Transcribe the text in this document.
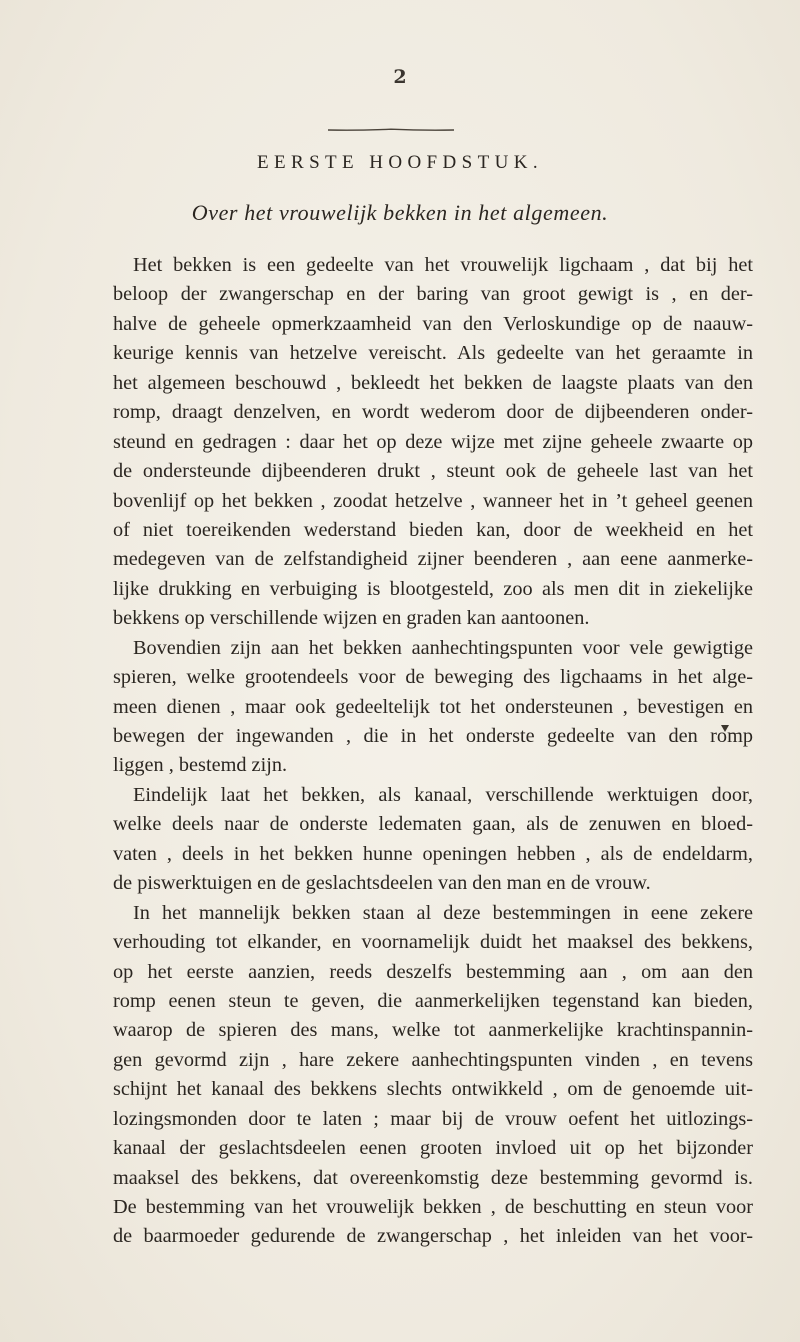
2
EERSTE HOOFDSTUK.
Over het vrouwelijk bekken in het algemeen.
Het bekken is een gedeelte van het vrouwelijk ligchaam , dat bij het
beloop der zwangerschap en der baring van groot gewigt is , en der-
halve de geheele opmerkzaamheid van den Verloskundige op de naauw-
keurige kennis van hetzelve vereischt. Als gedeelte van het geraamte in
het algemeen beschouwd , bekleedt het bekken de laagste plaats van den
romp, draagt denzelven, en wordt wederom door de dijbeenderen onder-
steund en gedragen : daar het op deze wijze met zijne geheele zwaarte op
de ondersteunde dijbeenderen drukt , steunt ook de geheele last van het
bovenlijf op het bekken , zoodat hetzelve , wanneer het in ’t geheel geenen
of niet toereikenden wederstand bieden kan, door de weekheid en het
medegeven van de zelfstandigheid zijner beenderen , aan eene aanmerke-
lijke drukking en verbuiging is blootgesteld, zoo als men dit in ziekelijke
bekkens op verschillende wijzen en graden kan aantoonen.
Bovendien zijn aan het bekken aanhechtingspunten voor vele gewigtige
spieren, welke grootendeels voor de beweging des ligchaams in het alge-
meen dienen , maar ook gedeeltelijk tot het ondersteunen , bevestigen en
bewegen der ingewanden , die in het onderste gedeelte van den romp
liggen , bestemd zijn.
Eindelijk laat het bekken, als kanaal, verschillende werktuigen door,
welke deels naar de onderste ledematen gaan, als de zenuwen en bloed-
vaten , deels in het bekken hunne openingen hebben , als de endeldarm,
de piswerktuigen en de geslachtsdeelen van den man en de vrouw.
In het mannelijk bekken staan al deze bestemmingen in eene zekere
verhouding tot elkander, en voornamelijk duidt het maaksel des bekkens,
op het eerste aanzien, reeds deszelfs bestemming aan , om aan den
romp eenen steun te geven, die aanmerkelijken tegenstand kan bieden,
waarop de spieren des mans, welke tot aanmerkelijke krachtinspannin-
gen gevormd zijn , hare zekere aanhechtingspunten vinden , en tevens
schijnt het kanaal des bekkens slechts ontwikkeld , om de genoemde uit-
lozingsmonden door te laten ; maar bij de vrouw oefent het uitlozings-
kanaal der geslachtsdeelen eenen grooten invloed uit op het bijzonder
maaksel des bekkens, dat overeenkomstig deze bestemming gevormd is.
De bestemming van het vrouwelijk bekken , de beschutting en steun voor
de baarmoeder gedurende de zwangerschap , het inleiden van het voor-
